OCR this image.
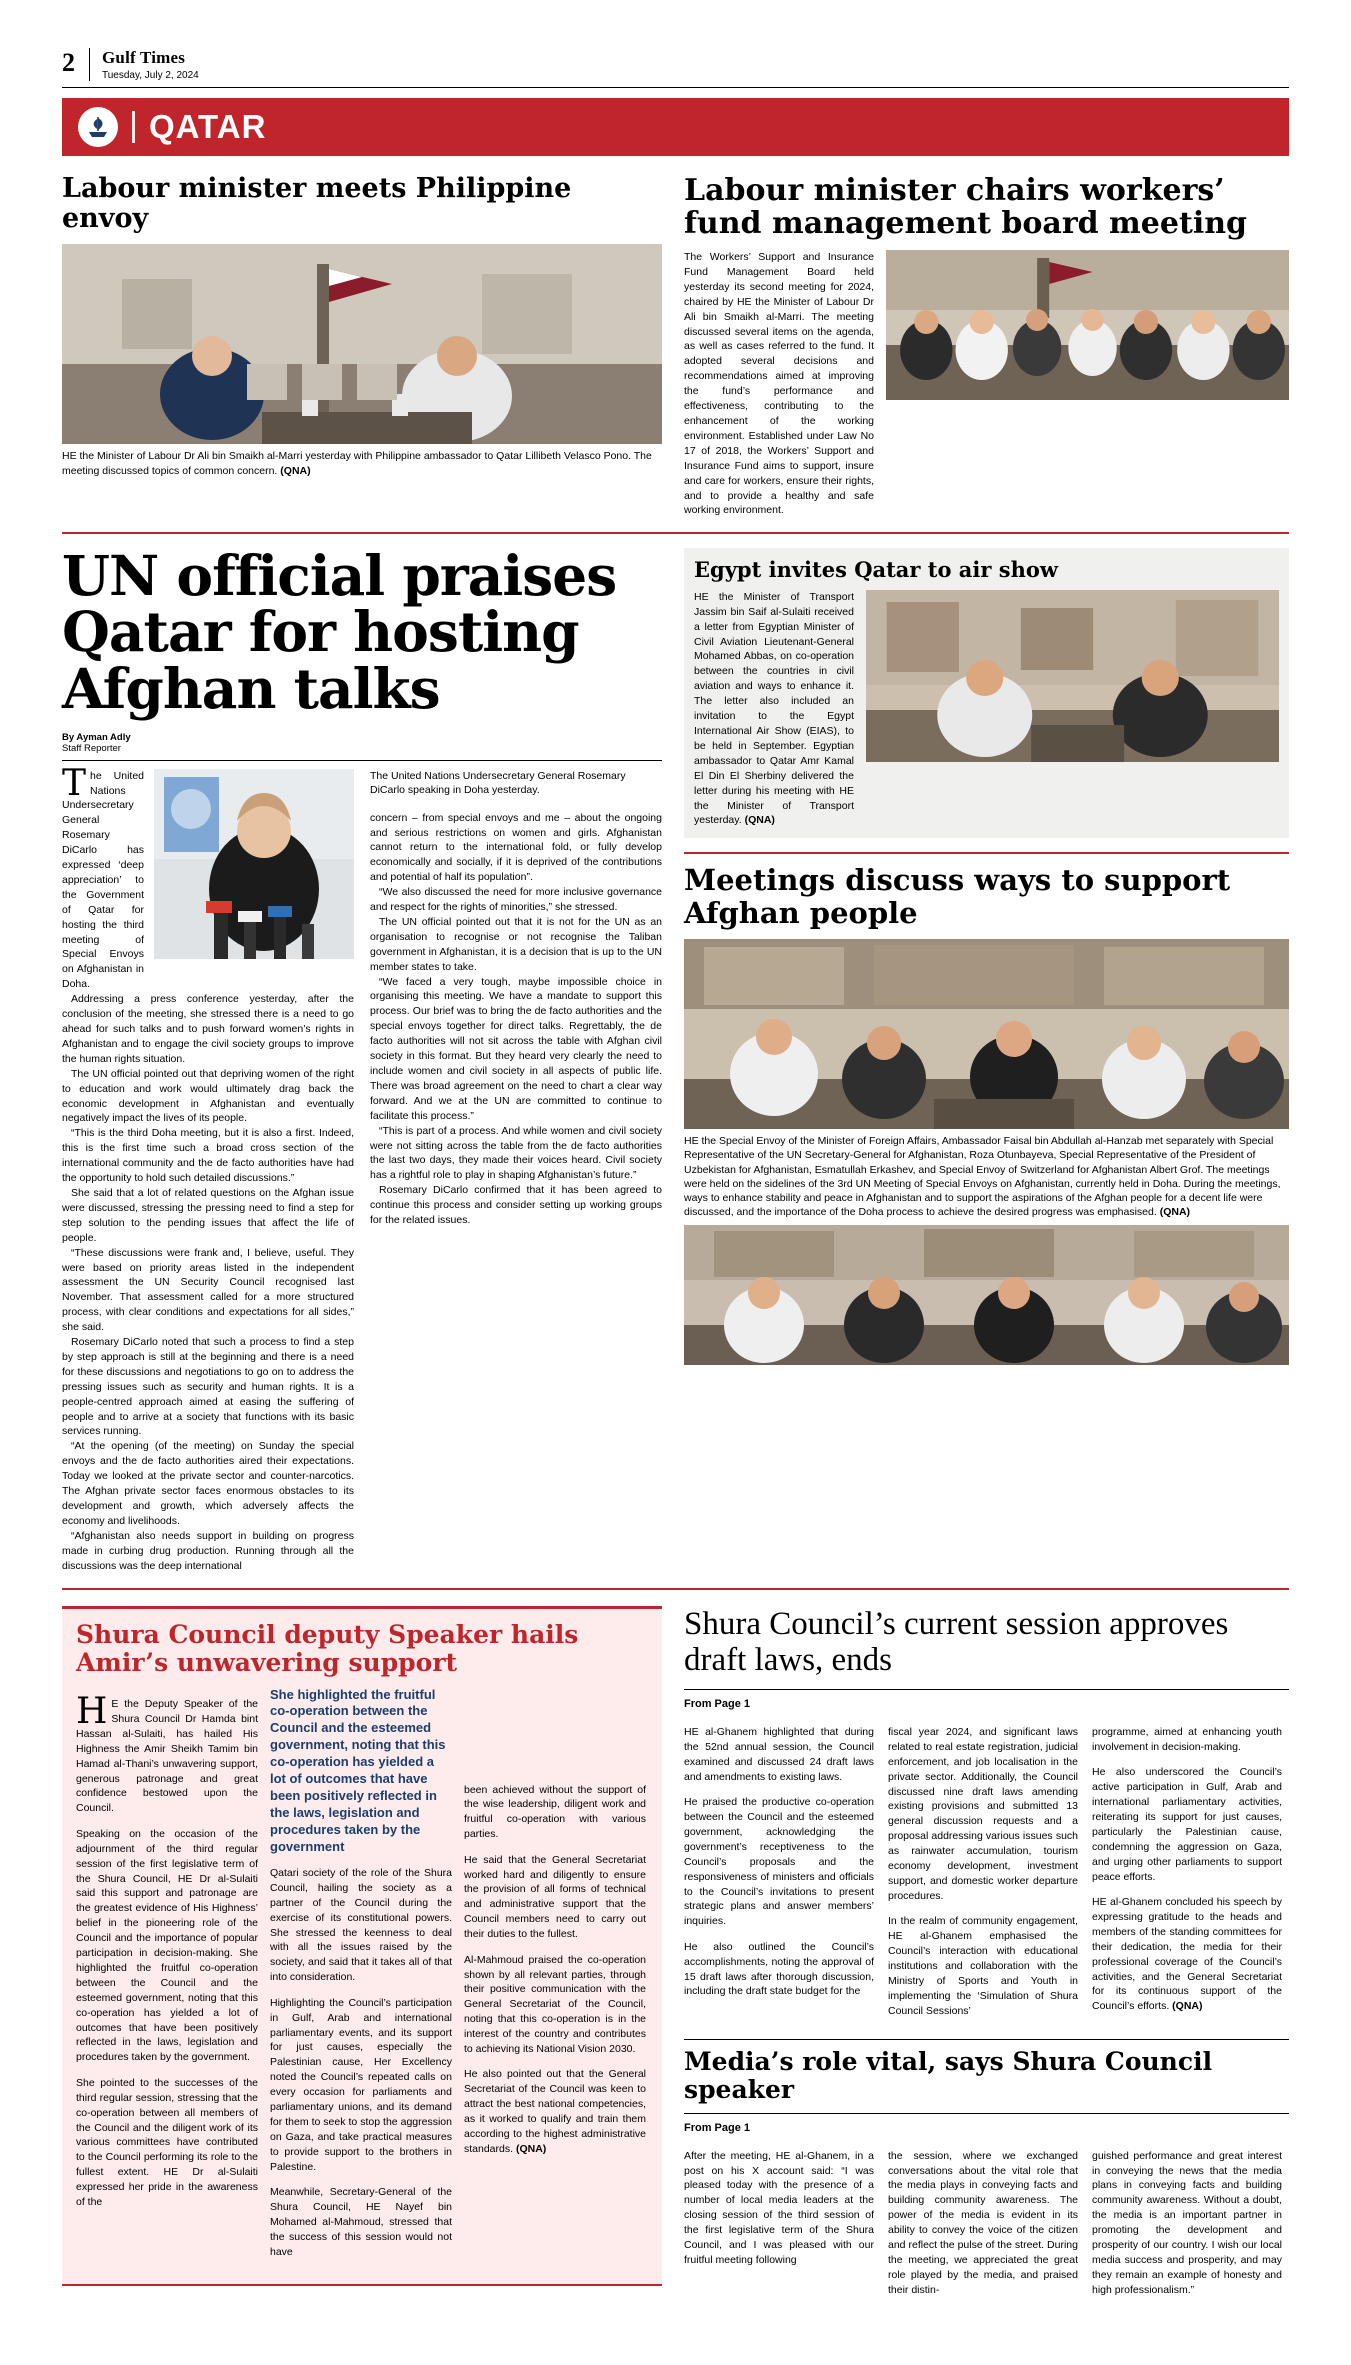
2 Gulf Times
Tuesday, July 2, 2024
QATAR
Labour minister meets Philippine envoy
HE the Minister of Labour Dr Ali bin Smaikh al-Marri yesterday with Philippine ambassador to Qatar Lillibeth Velasco Pono. The meeting discussed topics of common concern. (QNA)
Labour minister chairs workers’ fund management board meeting
The Workers’ Support and Insurance Fund Management Board held yesterday its second meeting for 2024, chaired by HE the Minister of Labour Dr Ali bin Smaikh al-Marri. The meeting discussed several items on the agenda, as well as cases referred to the fund. It adopted several decisions and recommendations aimed at improving the fund’s performance and effectiveness, contributing to the enhancement of the working environment. Established under Law No 17 of 2018, the Workers’ Support and Insurance Fund aims to support, insure and care for workers, ensure their rights, and to provide a healthy and safe working environment.
UN official praises Qatar for hosting Afghan talks
By Ayman Adly
Staff Reporter

The United Nations Undersecretary General Rosemary DiCarlo has expressed ‘deep appreciation’ to the Government of Qatar for hosting the third meeting of Special Envoys on Afghanistan in Doha.

Addressing a press conference yesterday, after the conclusion of the meeting, she stressed there is a need to go ahead for such talks and to push forward women’s rights in Afghanistan and to engage the civil society groups to improve the human rights situation.

The UN official pointed out that depriving women of the right to education and work would ultimately drag back the economic development in Afghanistan and eventually negatively impact the lives of its people.

“This is the third Doha meeting, but it is also a first. Indeed, this is the first time such a broad cross section of the international community and the de facto authorities have had the opportunity to hold such detailed discussions.”

She said that a lot of related questions on the Afghan issue were discussed, stressing the pressing need to find a step for step solution to the pending issues that affect the life of people.

“These discussions were frank and, I believe, useful. They were based on priority areas listed in the independent assessment the UN Security Council recognised last November. That assessment called for a more structured process, with clear conditions and expectations for all sides,” she said.

Rosemary DiCarlo noted that such a process to find a step by step approach is still at the beginning and there is a need for these discussions and negotiations to go on to address the pressing issues such as security and human rights. It is a people-centred approach aimed at easing the suffering of people and to arrive at a society that functions with its basic services running.

“At the opening (of the meeting) on Sunday the special envoys and the de facto authorities aired their expectations. Today we looked at the private sector and counter-narcotics. The Afghan private sector faces enormous obstacles to its development and growth, which adversely affects the economy and livelihoods.

“Afghanistan also needs support in building on progress made in curbing drug production. Running through all the discussions was the deep international

The United Nations Undersecretary General Rosemary DiCarlo speaking in Doha yesterday.

concern – from special envoys and me – about the ongoing and serious restrictions on women and girls. Afghanistan cannot return to the international fold, or fully develop economically and socially, if it is deprived of the contributions and potential of half its population”.

“We also discussed the need for more inclusive governance and respect for the rights of minorities,” she stressed.

The UN official pointed out that it is not for the UN as an organisation to recognise or not recognise the Taliban government in Afghanistan, it is a decision that is up to the UN member states to take.

“We faced a very tough, maybe impossible choice in organising this meeting. We have a mandate to support this process. Our brief was to bring the de facto authorities and the special envoys together for direct talks. Regrettably, the de facto authorities will not sit across the table with Afghan civil society in this format. But they heard very clearly the need to include women and civil society in all aspects of public life. There was broad agreement on the need to chart a clear way forward. And we at the UN are committed to continue to facilitate this process.”

“This is part of a process. And while women and civil society were not sitting across the table from the de facto authorities the last two days, they made their voices heard. Civil society has a rightful role to play in shaping Afghanistan’s future.”

Rosemary DiCarlo confirmed that it has been agreed to continue this process and consider setting up working groups for the related issues.

Egypt invites Qatar to air show
HE the Minister of Transport Jassim bin Saif al-Sulaiti received a letter from Egyptian Minister of Civil Aviation Lieutenant-General Mohamed Abbas, on co-operation between the countries in civil aviation and ways to enhance it. The letter also included an invitation to the Egypt International Air Show (EIAS), to be held in September. Egyptian ambassador to Qatar Amr Kamal El Din El Sherbiny delivered the letter during his meeting with HE the Minister of Transport yesterday. (QNA)
Meetings discuss ways to support Afghan people
HE the Special Envoy of the Minister of Foreign Affairs, Ambassador Faisal bin Abdullah al-Hanzab met separately with Special Representative of the UN Secretary-General for Afghanistan, Roza Otunbayeva, Special Representative of the President of Uzbekistan for Afghanistan, Esmatullah Erkashev, and Special Envoy of Switzerland for Afghanistan Albert Grof. The meetings were held on the sidelines of the 3rd UN Meeting of Special Envoys on Afghanistan, currently held in Doha. During the meetings, ways to enhance stability and peace in Afghanistan and to support the aspirations of the Afghan people for a decent life were discussed, and the importance of the Doha process to achieve the desired progress was emphasised. (QNA)
Shura Council deputy Speaker hails Amir’s unwavering support

HE the Deputy Speaker of the Shura Council Dr Hamda bint Hassan al-Sulaiti, has hailed His Highness the Amir Sheikh Tamim bin Hamad al-Thani’s unwavering support, generous patronage and great confidence bestowed upon the Council.

Speaking on the occasion of the adjournment of the third regular session of the first legislative term of the Shura Council, HE Dr al-Sulaiti said this support and patronage are the greatest evidence of His Highness’ belief in the pioneering role of the Council and the importance of popular participation in decision-making. She highlighted the fruitful co-operation between the Council and the esteemed government, noting that this co-operation has yielded a lot of outcomes that have been positively reflected in the laws, legislation and procedures taken by the government.

She pointed to the successes of the third regular session, stressing that the co-operation between all members of the Council and the diligent work of its various committees have contributed to the Council performing its role to the fullest extent. HE Dr al-Sulaiti expressed her pride in the awareness of the

She highlighted the fruitful co-operation between the Council and the esteemed government, noting that this co-operation has yielded a lot of outcomes that have been positively reflected in the laws, legislation and procedures taken by the government

Qatari society of the role of the Shura Council, hailing the society as a partner of the Council during the exercise of its constitutional powers. She stressed the keenness to deal with all the issues raised by the society, and said that it takes all of that into consideration.

Highlighting the Council’s participation in Gulf, Arab and international parliamentary events, and its support for just causes, especially the Palestinian cause, Her Excellency noted the Council’s repeated calls on every occasion for parliaments and parliamentary unions, and its demand for them to seek to stop the aggression on Gaza, and take practical measures to provide support to the brothers in Palestine.

Meanwhile, Secretary-General of the Shura Council, HE Nayef bin Mohamed al-Mahmoud, stressed that the success of this session would not have

been achieved without the support of the wise leadership, diligent work and fruitful co-operation with various parties.

He said that the General Secretariat worked hard and diligently to ensure the provision of all forms of technical and administrative support that the Council members need to carry out their duties to the fullest.

Al-Mahmoud praised the co-operation shown by all relevant parties, through their positive communication with the General Secretariat of the Council, noting that this co-operation is in the interest of the country and contributes to achieving its National Vision 2030.

He also pointed out that the General Secretariat of the Council was keen to attract the best national competencies, as it worked to qualify and train them according to the highest administrative standards. (QNA)

Shura Council’s current session approves draft laws, ends
From Page 1

HE al-Ghanem highlighted that during the 52nd annual session, the Council examined and discussed 24 draft laws and amendments to existing laws.

He praised the productive co-operation between the Council and the esteemed government, acknowledging the government’s receptiveness to the Council’s proposals and the responsiveness of ministers and officials to the Council’s invitations to present strategic plans and answer members’ inquiries.

He also outlined the Council’s accomplishments, noting the approval of 15 draft laws after thorough discussion, including the draft state budget for the

fiscal year 2024, and significant laws related to real estate registration, judicial enforcement, and job localisation in the private sector. Additionally, the Council discussed nine draft laws amending existing provisions and submitted 13 general discussion requests and a proposal addressing various issues such as rainwater accumulation, tourism economy development, investment support, and domestic worker departure procedures.

In the realm of community engagement, HE al-Ghanem emphasised the Council’s interaction with educational institutions and collaboration with the Ministry of Sports and Youth in implementing the ‘Simulation of Shura Council Sessions’

programme, aimed at enhancing youth involvement in decision-making.

He also underscored the Council’s active participation in Gulf, Arab and international parliamentary activities, reiterating its support for just causes, particularly the Palestinian cause, condemning the aggression on Gaza, and urging other parliaments to support peace efforts.

HE al-Ghanem concluded his speech by expressing gratitude to the heads and members of the standing committees for their dedication, the media for their professional coverage of the Council’s activities, and the General Secretariat for its continuous support of the Council’s efforts. (QNA)

Media’s role vital, says Shura Council speaker
From Page 1

After the meeting, HE al-Ghanem, in a post on his X account said: “I was pleased today with the presence of a number of local media leaders at the closing session of the third session of the first legislative term of the Shura Council, and I was pleased with our fruitful meeting following

the session, where we exchanged conversations about the vital role that the media plays in conveying facts and building community awareness. The power of the media is evident in its ability to convey the voice of the citizen and reflect the pulse of the street. During the meeting, we appreciated the great role played by the media, and praised their distin-

guished performance and great interest in conveying the news that the media plans in conveying facts and building community awareness. Without a doubt, the media is an important partner in promoting the development and prosperity of our country. I wish our local media success and prosperity, and may they remain an example of honesty and high professionalism.”
